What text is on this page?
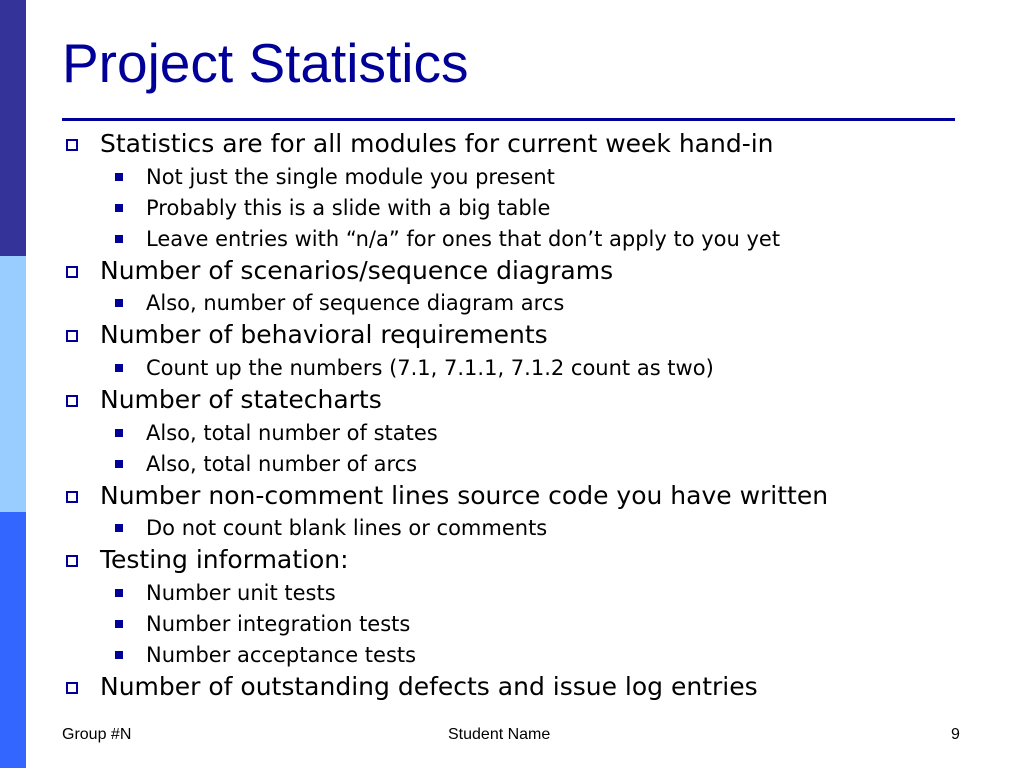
Project Statistics
Statistics are for all modules for current week hand-in
Not just the single module you present
Probably this is a slide with a big table
Leave entries with “n/a” for ones that don’t apply to you yet
Number of scenarios/sequence diagrams
Also, number of sequence diagram arcs
Number of behavioral requirements
Count up the numbers (7.1, 7.1.1, 7.1.2 count as two)
Number of statecharts
Also, total number of states
Also, total number of arcs
Number non-comment lines source code you have written
Do not count blank lines or comments
Testing information:
Number unit tests
Number integration tests
Number acceptance tests
Number of outstanding defects and issue log entries
Group #N	Student Name	9
